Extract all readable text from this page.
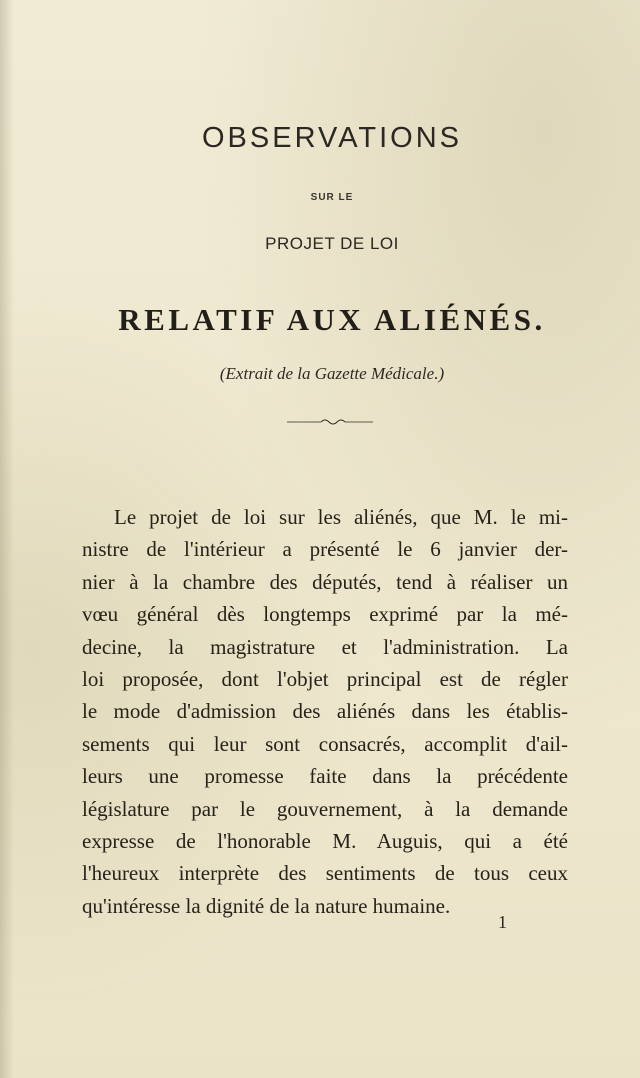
OBSERVATIONS
SUR LE
PROJET DE LOI
RELATIF AUX ALIÉNÉS.
(Extrait de la Gazette Médicale.)
Le projet de loi sur les aliénés, que M. le mi-
nistre de l'intérieur a présenté le 6 janvier der-
nier à la chambre des députés, tend à réaliser un
vœu général dès longtemps exprimé par la mé-
decine, la magistrature et l'administration. La
loi proposée, dont l'objet principal est de régler
le mode d'admission des aliénés dans les établis-
sements qui leur sont consacrés, accomplit d'ail-
leurs une promesse faite dans la précédente
législature par le gouvernement, à la demande
expresse de l'honorable M. Auguis, qui a été
l'heureux interprète des sentiments de tous ceux
qu'intéresse la dignité de la nature humaine.
1
